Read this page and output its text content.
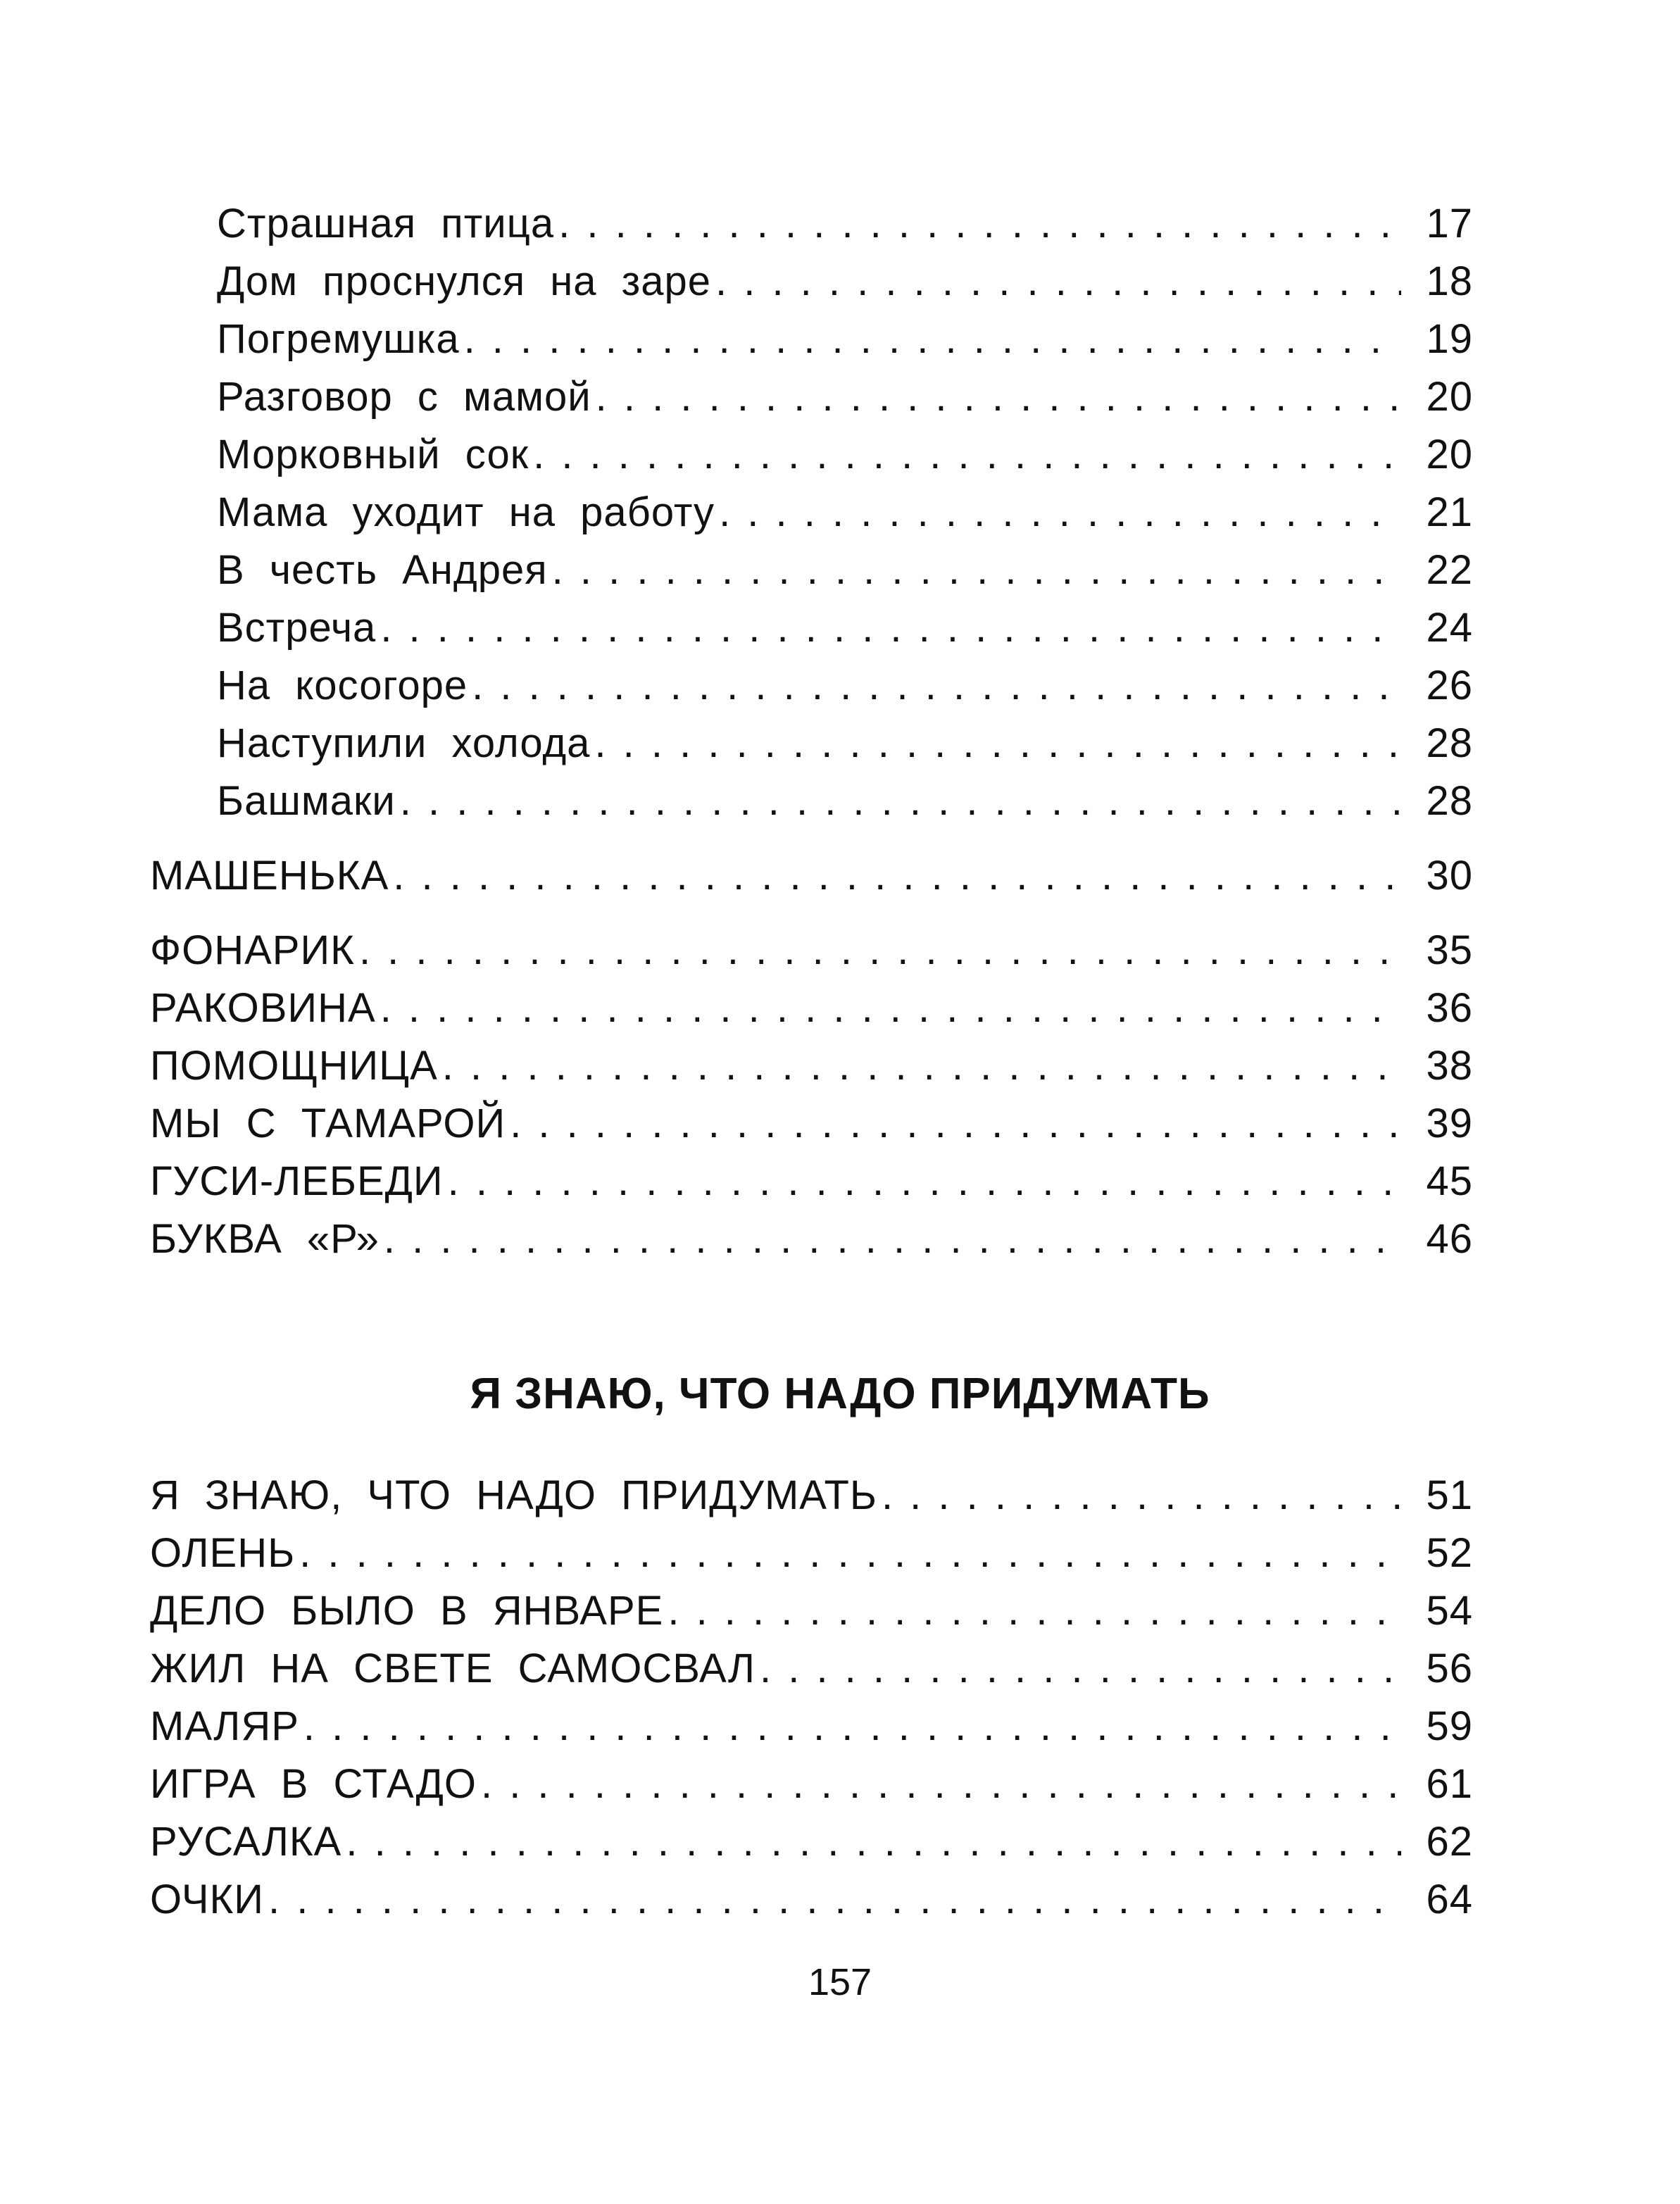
Страшная птица . . .	17
Дом проснулся на заре . . .	18
Погремушка . . .	19
Разговор с мамой . . .	20
Морковный сок . . .	20
Мама уходит на работу . . .	21
В честь Андрея . . .	22
Встреча . . .	24
На косогоре . . .	26
Наступили холода . . .	28
Башмаки . . .	28
МАШЕНЬКА . . .	30
ФОНАРИК . . .	35
РАКОВИНА . . .	36
ПОМОЩНИЦА . . .	38
МЫ С ТАМАРОЙ . . .	39
ГУСИ-ЛЕБЕДИ . . .	45
БУКВА «Р» . . .	46
Я ЗНАЮ, ЧТО НАДО ПРИДУМАТЬ
Я ЗНАЮ, ЧТО НАДО ПРИДУМАТЬ . . .	51
ОЛЕНЬ . . .	52
ДЕЛО БЫЛО В ЯНВАРЕ . . .	54
ЖИЛ НА СВЕТЕ САМОСВАЛ . . .	56
МАЛЯР . . .	59
ИГРА В СТАДО . . .	61
РУСАЛКА . . .	62
ОЧКИ . . .	64
157
